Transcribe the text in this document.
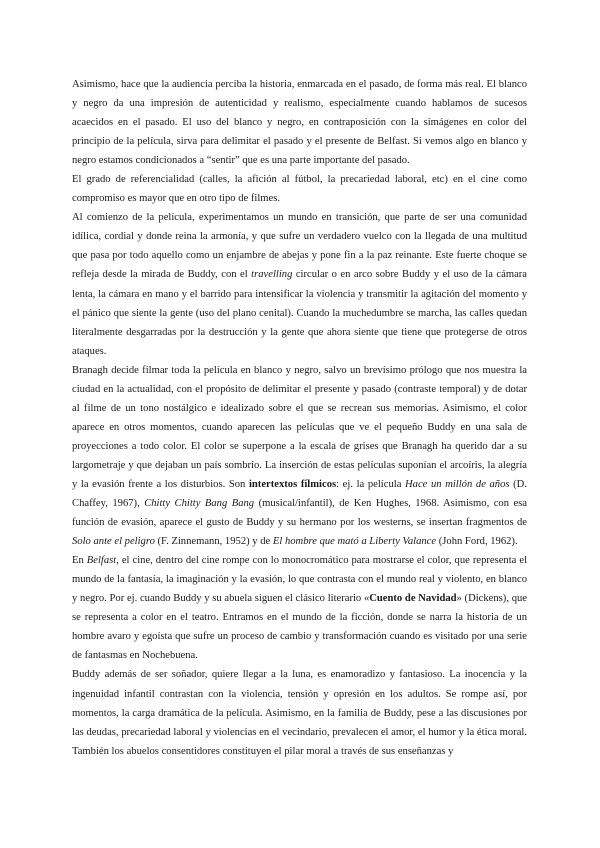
Asimismo, hace que la audiencia perciba la historia, enmarcada en el pasado, de forma más real. El blanco y negro da una impresión de autenticidad y realismo, especialmente cuando hablamos de sucesos acaecidos en el pasado. El uso del blanco y negro, en contraposición con la simágenes en color del principio de la película, sirva para delimitar el pasado y el presente de Belfast. Si vemos algo en blanco y negro estamos condicionados a “sentir” que es una parte importante del pasado.

El grado de referencialidad (calles, la afición al fútbol, la precariedad laboral, etc) en el cine como compromiso es mayor que en otro tipo de filmes.

Al comienzo de la película, experimentamos un mundo en transición, que parte de ser una comunidad idílica, cordial y donde reina la armonía, y que sufre un verdadero vuelco con la llegada de una multitud que pasa por todo aquello como un enjambre de abejas y pone fin a la paz reinante. Este fuerte choque se refleja desde la mirada de Buddy, con el travelling circular o en arco sobre Buddy y el uso de la cámara lenta, la cámara en mano y el barrido para intensificar la violencia y transmitir la agitación del momento y el pánico que siente la gente (uso del plano cenital). Cuando la muchedumbre se marcha, las calles quedan literalmente desgarradas por la destrucción y la gente que ahora siente que tiene que protegerse de otros ataques.

Branagh decide filmar toda la película en blanco y negro, salvo un brevísimo prólogo que nos muestra la ciudad en la actualidad, con el propósito de delimitar el presente y pasado (contraste temporal) y de dotar al filme de un tono nostálgico e idealizado sobre el que se recrean sus memorias. Asimismo, el color aparece en otros momentos, cuando aparecen las películas que ve el pequeño Buddy en una sala de proyecciones a todo color. El color se superpone a la escala de grises que Branagh ha querido dar a su largometraje y que dejaban un país sombrío. La inserción de estas películas suponían el arcoíris, la alegría y la evasión frente a los disturbios. Son intertextos fílmicos: ej. la película Hace un millón de años (D. Chaffey, 1967), Chitty Chitty Bang Bang (musical/infantil), de Ken Hughes, 1968. Asimismo, con esa función de evasión, aparece el gusto de Buddy y su hermano por los westerns, se insertan fragmentos de Solo ante el peligro (F. Zinnemann, 1952) y de El hombre que mató a Liberty Valance (John Ford, 1962).

En Belfast, el cine, dentro del cine rompe con lo monocromático para mostrarse el color, que representa el mundo de la fantasía, la imaginación y la evasión, lo que contrasta con el mundo real y violento, en blanco y negro. Por ej. cuando Buddy y su abuela siguen el clásico literario «Cuento de Navidad» (Dickens), que se representa a color en el teatro. Entramos en el mundo de la ficción, donde se narra la historia de un hombre avaro y egoísta que sufre un proceso de cambio y transformación cuando es visitado por una serie de fantasmas en Nochebuena.

Buddy además de ser soñador, quiere llegar a la luna, es enamoradizo y fantasioso. La inocencia y la ingenuidad infantil contrastan con la violencia, tensión y opresión en los adultos. Se rompe así, por momentos, la carga dramática de la película. Asimismo, en la familia de Buddy, pese a las discusiones por las deudas, precariedad laboral y violencias en el vecindario, prevalecen el amor, el humor y la ética moral. También los abuelos consentidores constituyen el pilar moral a través de sus enseñanzas y
